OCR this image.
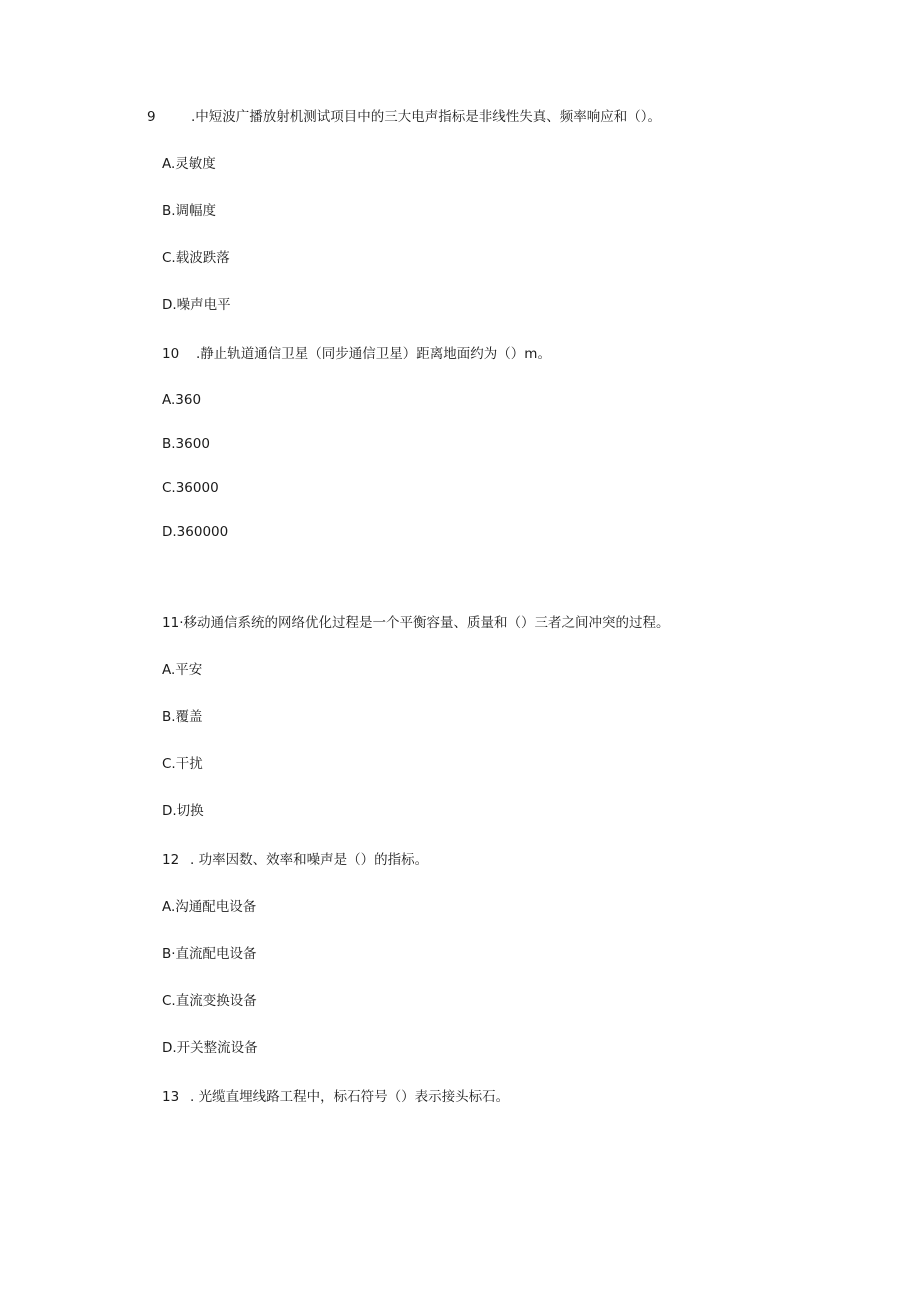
9	.中短波广播放射机测试项目中的三大电声指标是非线性失真、频率响应和（）。
A.灵敏度
B.调幅度
C.载波跌落
D.噪声电平
10 .静止轨道通信卫星（同步通信卫星）距离地面约为（）m。
A.360
B.3600
C.36000
D.360000
11·移动通信系统的网络优化过程是一个平衡容量、质量和（）三者之间冲突的过程。
A.平安
B.覆盖
C.干扰
D.切换
12 . 功率因数、效率和噪声是（）的指标。
A.沟通配电设备
B·直流配电设备
C.直流变换设备
D.开关整流设备
13 . 光缆直埋线路工程中，标石符号（）表示接头标石。
